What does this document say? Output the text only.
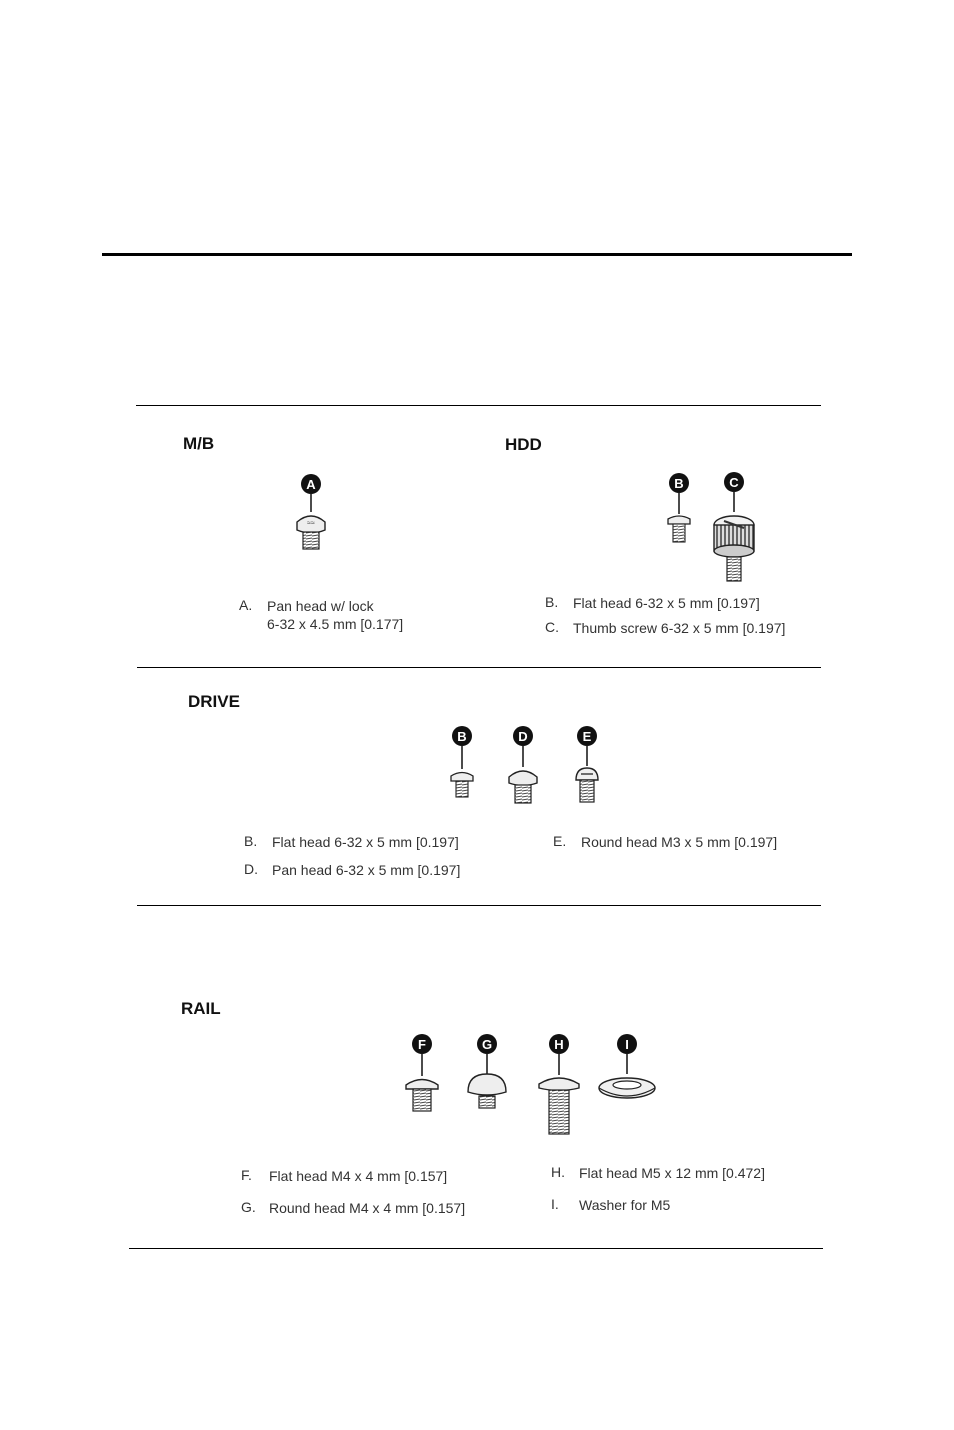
M/B
A. Pan head w/ lock
6-32 x 4.5 mm [0.177]
HDD
B. Flat head 6-32 x 5 mm [0.197]
C. Thumb screw 6-32 x 5 mm [0.197]
DRIVE
B. Flat head 6-32 x 5 mm [0.197]
D. Pan head 6-32 x 5 mm [0.197]
E. Round head M3 x 5 mm [0.197]
RAIL
F. Flat head M4 x 4 mm [0.157]
G. Round head M4 x 4 mm [0.157]
H. Flat head M5 x 12 mm [0.472]
I. Washer for M5
A
≈≈
B	C
B	D	E
F	G	H	I
